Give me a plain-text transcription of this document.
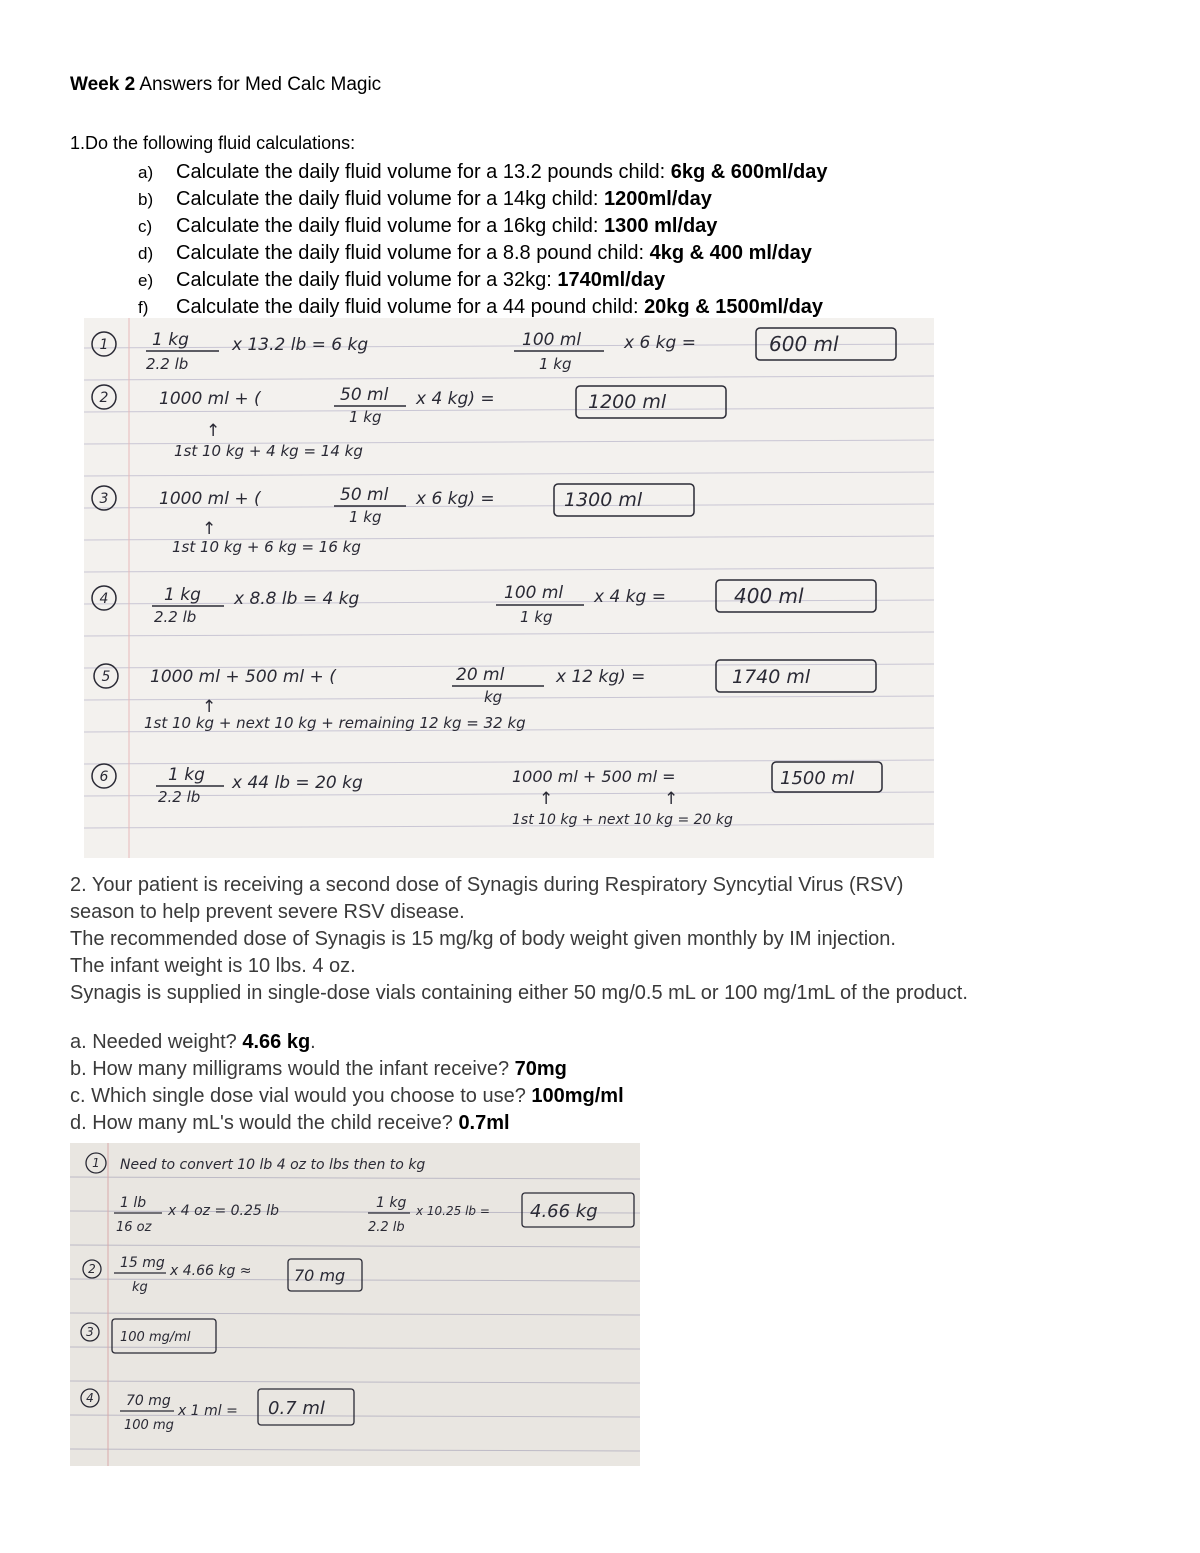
Week 2 Answers for Med Calc Magic
1.Do the following fluid calculations:
a) Calculate the daily fluid volume for a 13.2 pounds child: 6kg & 600ml/day
b) Calculate the daily fluid volume for a 14kg child: 1200ml/day
c) Calculate the daily fluid volume for a 16kg child: 1300 ml/day
d) Calculate the daily fluid volume for a 8.8 pound child: 4kg & 400 ml/day
e) Calculate the daily fluid volume for a 32kg: 1740ml/day
f) Calculate the daily fluid volume for a 44 pound child: 20kg & 1500ml/day
1
2
3
4
5
6
1 kg
2.2 lb
x 13.2 lb = 6 kg	100 ml
1 kg
x 6 kg =	600 ml
1000 ml + (	50 ml
1 kg
x 4 kg) =	1200 ml
↑
1st 10 kg + 4 kg = 14 kg
1000 ml + (	50 ml
1 kg
x 6 kg) =	1300 ml
↑
1st 10 kg + 6 kg = 16 kg
1 kg
2.2 lb
x 8.8 lb = 4 kg	100 ml
1 kg
x 4 kg =	400 ml
1000 ml + 500 ml + (	20 ml
kg
x 12 kg) =	1740 ml
↑
1st 10 kg + next 10 kg + remaining 12 kg = 32 kg
1 kg
2.2 lb
x 44 lb = 20 kg	1000 ml + 500 ml =	1500 ml
↑	↑
1st 10 kg + next 10 kg = 20 kg

2. Your patient is receiving a second dose of Synagis during Respiratory Syncytial Virus (RSV)

season to help prevent severe RSV disease.

The recommended dose of Synagis is 15 mg/kg of body weight given monthly by IM injection.

The infant weight is 10 lbs. 4 oz.

Synagis is supplied in single-dose vials containing either 50 mg/0.5 mL or 100 mg/1mL of the product.

a. Needed weight? 4.66 kg.

b. How many milligrams would the infant receive? 70mg

c. Which single dose vial would you choose to use? 100mg/ml

d. How many mL's would the child receive? 0.7ml

1
2
3
4
Need to convert 10 lb 4 oz to lbs then to kg
1 lb
16 oz
x 4 oz = 0.25 lb	1 kg
2.2 lb
x 10.25 lb = 4.66 kg
15 mg
kg
x 4.66 kg ≈	70 mg
100 mg/ml
70 mg
100 mg
x 1 ml = 0.7 ml
